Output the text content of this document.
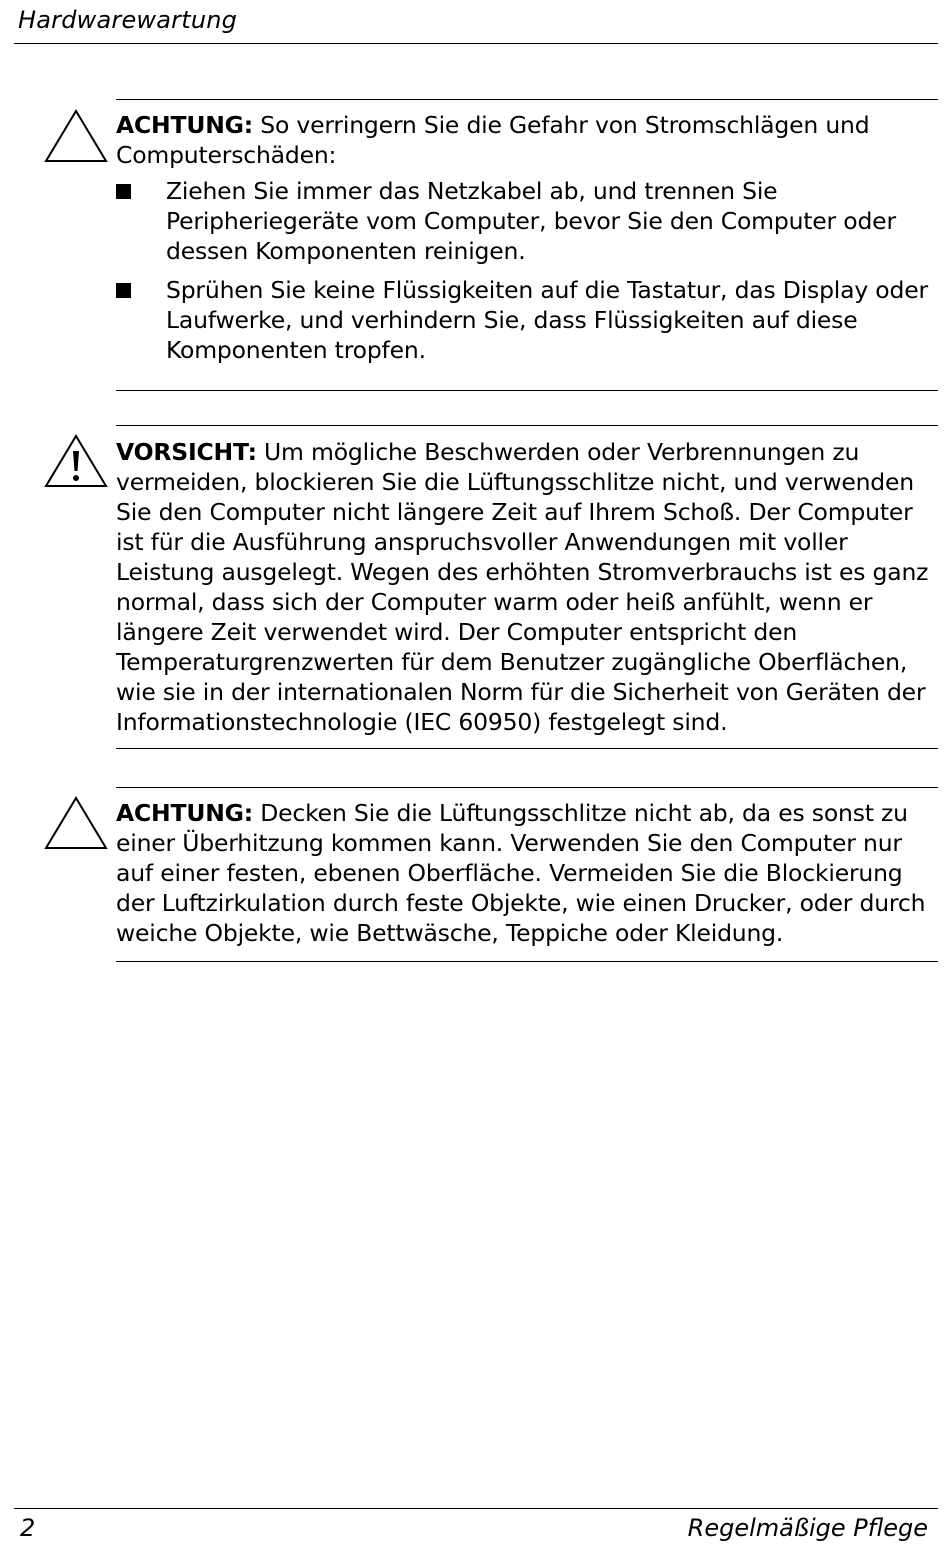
Hardwarewartung
ACHTUNG: So verringern Sie die Gefahr von Stromschlägen und Computerschäden:
Ziehen Sie immer das Netzkabel ab, und trennen Sie Peripheriegeräte vom Computer, bevor Sie den Computer oder dessen Komponenten reinigen.
Sprühen Sie keine Flüssigkeiten auf die Tastatur, das Display oder Laufwerke, und verhindern Sie, dass Flüssigkeiten auf diese Komponenten tropfen.
VORSICHT: Um mögliche Beschwerden oder Verbrennungen zu vermeiden, blockieren Sie die Lüftungsschlitze nicht, und verwenden Sie den Computer nicht längere Zeit auf Ihrem Schoß. Der Computer ist für die Ausführung anspruchsvoller Anwendungen mit voller Leistung ausgelegt. Wegen des erhöhten Stromverbrauchs ist es ganz normal, dass sich der Computer warm oder heiß anfühlt, wenn er längere Zeit verwendet wird. Der Computer entspricht den Temperaturgrenzwerten für dem Benutzer zugängliche Oberflächen, wie sie in der internationalen Norm für die Sicherheit von Geräten der Informationstechnologie (IEC 60950) festgelegt sind.
ACHTUNG: Decken Sie die Lüftungsschlitze nicht ab, da es sonst zu einer Überhitzung kommen kann. Verwenden Sie den Computer nur auf einer festen, ebenen Oberfläche. Vermeiden Sie die Blockierung der Luftzirkulation durch feste Objekte, wie einen Drucker, oder durch weiche Objekte, wie Bettwäsche, Teppiche oder Kleidung.
2	Regelmäßige Pflege
